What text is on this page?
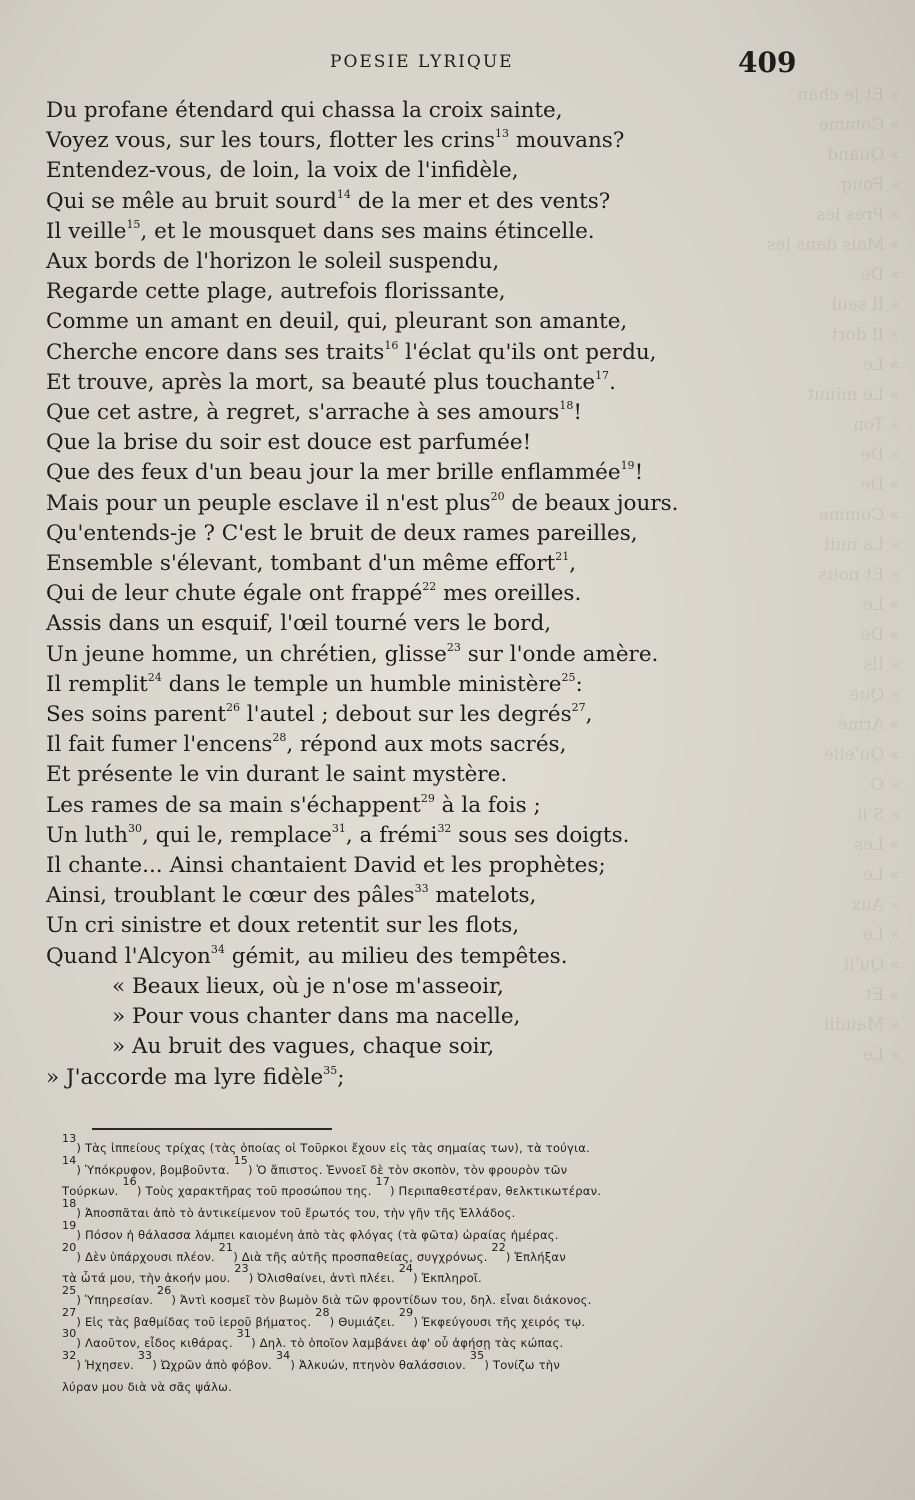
» Et je chan
» Comme
» Quand
» Foug
» Pres les
» Mais dans les
» De
» Il seul
» Il dort
» Le
» Le minut
» Ton
» De
» De
» Comme
» La nuit
» Et nous
» Le
» De
» Ils
» Que
» Armé
» Qu'elle
» O
» S'il
» Les
» Le
» Aux
» Le
» Qu'il
» Et
» Maudit
» Le
POESIE LYRIQUE	409
Du profane étendard qui chassa la croix sainte,
Voyez vous, sur les tours, flotter les crins$^{13}$ mouvans?
Entendez-vous, de loin, la voix de l'infidèle,
Qui se mêle au bruit sourd$^{14}$ de la mer et des vents?
Il veille$^{15}$, et le mousquet dans ses mains étincelle.
Aux bords de l'horizon le soleil suspendu,
Regarde cette plage, autrefois florissante,
Comme un amant en deuil, qui, pleurant son amante,
Cherche encore dans ses traits$^{16}$ l'éclat qu'ils ont perdu,
Et trouve, après la mort, sa beauté plus touchante$^{17}$.
Que cet astre, à regret, s'arrache à ses amours$^{18}$!
Que la brise du soir est douce est parfumée!
Que des feux d'un beau jour la mer brille enflammée$^{19}$!
Mais pour un peuple esclave il n'est plus$^{20}$ de beaux jours.
Qu'entends-je ? C'est le bruit de deux rames pareilles,
Ensemble s'élevant, tombant d'un même effort$^{21}$,
Qui de leur chute égale ont frappé$^{22}$ mes oreilles.
Assis dans un esquif, l'œil tourné vers le bord,
Un jeune homme, un chrétien, glisse$^{23}$ sur l'onde amère.
Il remplit$^{24}$ dans le temple un humble ministère$^{25}$:
Ses soins parent$^{26}$ l'autel ; debout sur les degrés$^{27}$,
Il fait fumer l'encens$^{28}$, répond aux mots sacrés,
Et présente le vin durant le saint mystère.
Les rames de sa main s'échappent$^{29}$ à la fois ;
Un luth$^{30}$, qui le, remplace$^{31}$, a frémi$^{32}$ sous ses doigts.
Il chante... Ainsi chantaient David et les prophètes;
Ainsi, troublant le cœur des pâles$^{33}$ matelots,
Un cri sinistre et doux retentit sur les flots,
Quand l'Alcyon$^{34}$ gémit, au milieu des tempêtes.
« Beaux lieux, où je n'ose m'asseoir,
» Pour vous chanter dans ma nacelle,
» Au bruit des vagues, chaque soir,
» J'accorde ma lyre fidèle$^{35}$;
$^{13}$) Τὰς ἱππείους τρίχας (τὰς ὁποίας οἱ Τοῦρκοι ἔχουν εἰς τὰς σημαίας των), τὰ τούγια.
$^{14}$) Ὑπόκρυφον, βομβοῦντα. $^{15}$) Ὁ ἄπιστος. Ἐννοεῖ δὲ τὸν σκοπὸν, τὸν φρουρὸν τῶν
Τούρκων. $^{16}$) Τοὺς χαρακτῆρας τοῦ προσώπου της. $^{17}$) Περιπαθεστέραν, θελκτικωτέραν.
$^{18}$) Ἀποσπᾶται ἀπὸ τὸ ἀντικείμενον τοῦ ἔρωτός του, τὴν γῆν τῆς Ἑλλάδος.
$^{19}$) Πόσον ἡ θάλασσα λάμπει καιομένη ἀπὸ τὰς φλόγας (τὰ φῶτα) ὡραίας ἡμέρας.
$^{20}$) Δὲν ὑπάρχουσι πλέον. $^{21}$) Διὰ τῆς αὐτῆς προσπαθείας, συγχρόνως. $^{22}$) Ἐπλήξαν
τὰ ὦτά μου, τὴν ἀκοήν μου. $^{23}$) Ὀλισθαίνει, ἀντὶ πλέει. $^{24}$) Ἐκπληροῖ.
$^{25}$) Ὑπηρεσίαν. $^{26}$) Ἀντὶ κοσμεῖ τὸν βωμὸν διὰ τῶν φροντίδων του, δηλ. εἶναι διάκονος.
$^{27}$) Εἰς τὰς βαθμίδας τοῦ ἱεροῦ βήματος. $^{28}$) Θυμιάζει. $^{29}$) Ἐκφεύγουσι τῆς χειρός τῳ.
$^{30}$) Λαοῦτον, εἶδος κιθάρας. $^{31}$) Δηλ. τὸ ὁποῖον λαμβάνει ἀφ' οὗ ἀφήσῃ τὰς κώπας.
$^{32}$) Ἠχησεν. $^{33}$) Ὠχρῶν ἀπὸ φόβον. $^{34}$) Ἀλκυών, πτηνὸν θαλάσσιον. $^{35}$) Τονίζω τὴν
λύραν μου διὰ νὰ σᾶς ψάλω.
